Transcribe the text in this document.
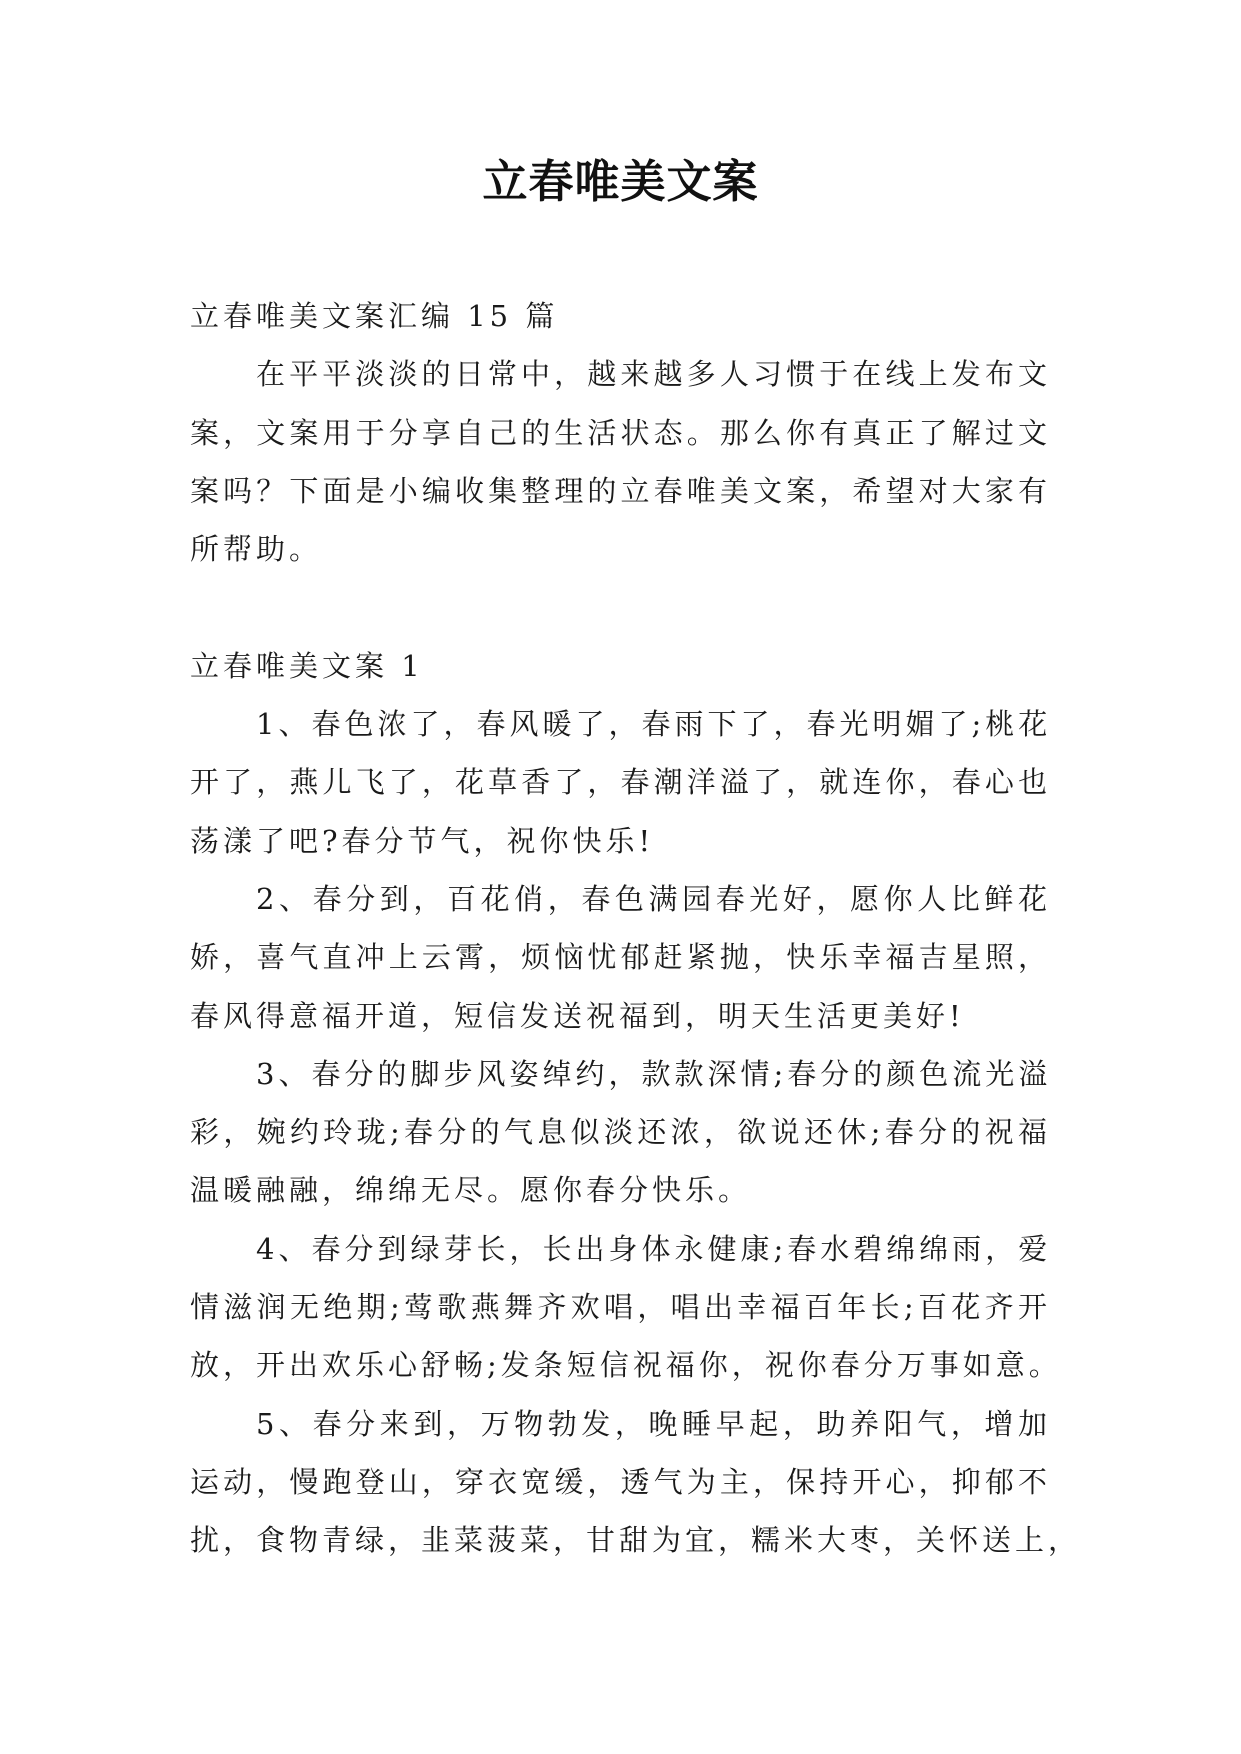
立春唯美文案
立春唯美文案汇编 15 篇
在平平淡淡的日常中，越来越多人习惯于在线上发布文
案，文案用于分享自己的生活状态。那么你有真正了解过文
案吗？下面是小编收集整理的立春唯美文案，希望对大家有
所帮助。
立春唯美文案 1
1、春色浓了，春风暖了，春雨下了，春光明媚了;桃花
开了，燕儿飞了，花草香了，春潮洋溢了，就连你，春心也
荡漾了吧?春分节气，祝你快乐!
2、春分到，百花俏，春色满园春光好，愿你人比鲜花
娇，喜气直冲上云霄，烦恼忧郁赶紧抛，快乐幸福吉星照，
春风得意福开道，短信发送祝福到，明天生活更美好!
3、春分的脚步风姿绰约，款款深情;春分的颜色流光溢
彩，婉约玲珑;春分的气息似淡还浓，欲说还休;春分的祝福
温暖融融，绵绵无尽。愿你春分快乐。
4、春分到绿芽长，长出身体永健康;春水碧绵绵雨，爱
情滋润无绝期;莺歌燕舞齐欢唱，唱出幸福百年长;百花齐开
放，开出欢乐心舒畅;发条短信祝福你，祝你春分万事如意。
5、春分来到，万物勃发，晚睡早起，助养阳气，增加
运动，慢跑登山，穿衣宽缓，透气为主，保持开心，抑郁不
扰，食物青绿，韭菜菠菜，甘甜为宜，糯米大枣，关怀送上，
